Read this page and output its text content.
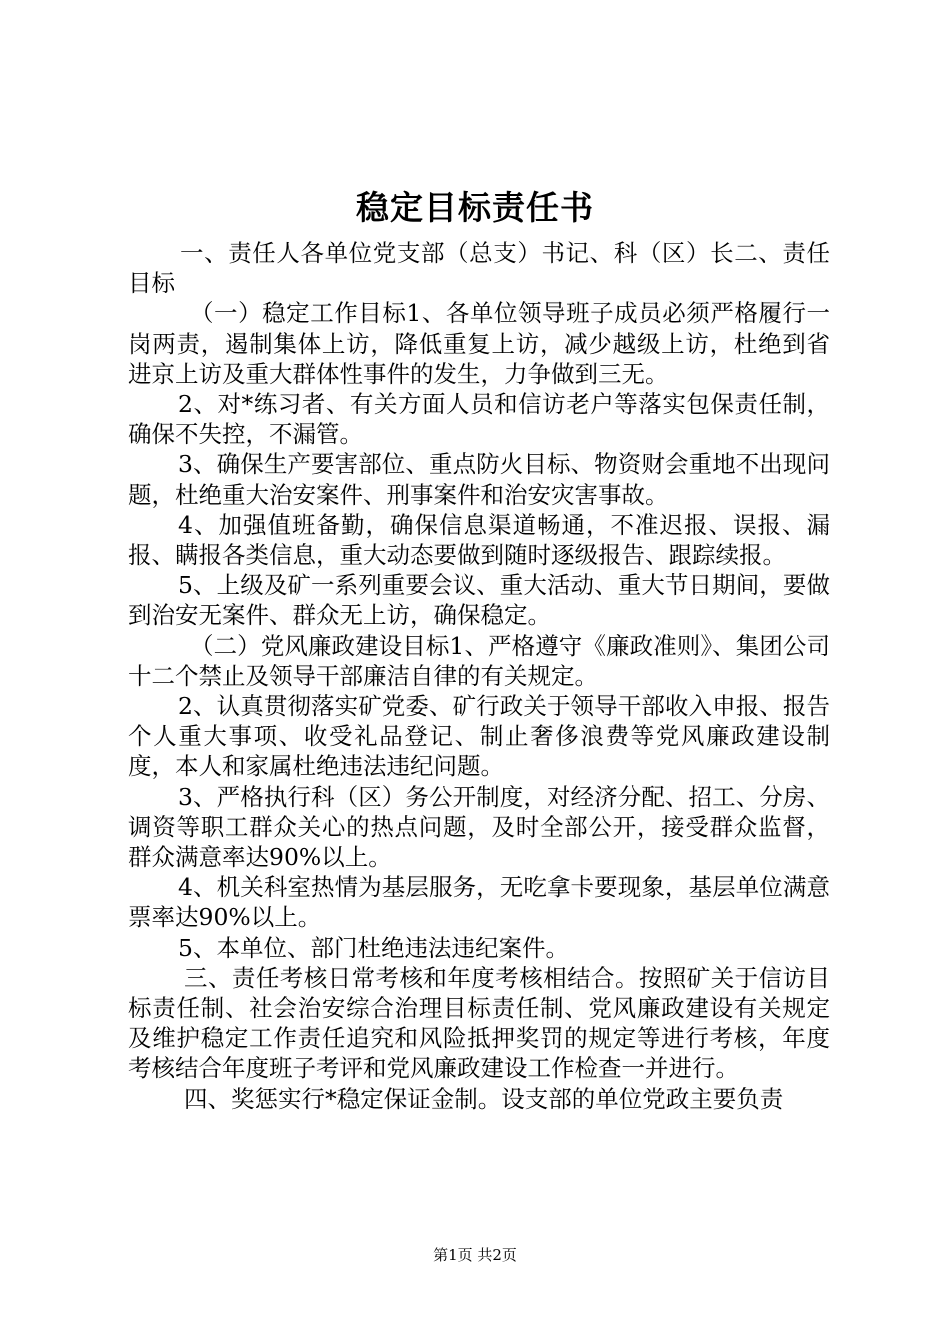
稳定目标责任书

一、责任人各单位党支部（总支）书记、科（区）长二、责任目标

（一）稳定工作目标1、各单位领导班子成员必须严格履行一岗两责，遏制集体上访，降低重复上访，减少越级上访，杜绝到省进京上访及重大群体性事件的发生，力争做到三无。

2、对*练习者、有关方面人员和信访老户等落实包保责任制，确保不失控，不漏管。

3、确保生产要害部位、重点防火目标、物资财会重地不出现问题，杜绝重大治安案件、刑事案件和治安灾害事故。

4、加强值班备勤，确保信息渠道畅通，不准迟报、误报、漏报、瞒报各类信息，重大动态要做到随时逐级报告、跟踪续报。

5、上级及矿一系列重要会议、重大活动、重大节日期间，要做到治安无案件、群众无上访，确保稳定。

（二）党风廉政建设目标1、严格遵守《廉政准则》、集团公司十二个禁止及领导干部廉洁自律的有关规定。

2、认真贯彻落实矿党委、矿行政关于领导干部收入申报、报告个人重大事项、收受礼品登记、制止奢侈浪费等党风廉政建设制度，本人和家属杜绝违法违纪问题。

3、严格执行科（区）务公开制度，对经济分配、招工、分房、调资等职工群众关心的热点问题，及时全部公开，接受群众监督，群众满意率达90%以上。

4、机关科室热情为基层服务，无吃拿卡要现象，基层单位满意票率达90%以上。

5、本单位、部门杜绝违法违纪案件。

三、责任考核日常考核和年度考核相结合。按照矿关于信访目标责任制、社会治安综合治理目标责任制、党风廉政建设有关规定及维护稳定工作责任追究和风险抵押奖罚的规定等进行考核，年度考核结合年度班子考评和党风廉政建设工作检查一并进行。

四、奖惩实行*稳定保证金制。设支部的单位党政主要负责

第1页 共2页
